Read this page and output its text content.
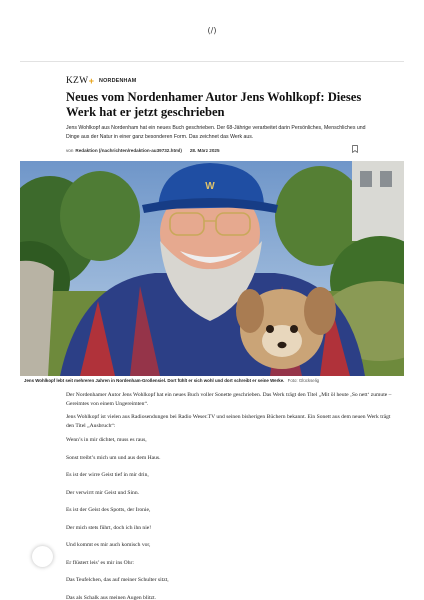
(/)
KZW + NORDENHAM
Neues vom Nordenhamer Autor Jens Wohlkopf: Dieses Werk hat er jetzt geschrieben

Jens Wohlkopf aus Nordenham hat ein neues Buch geschrieben. Der 68-Jährige verarbeitet darin Persönliches, Menschliches und Dinge aus der Natur in einer ganz besonderen Form. Das zeichnet das Werk aus.

von Redaktion (/nachrichten/redaktion-au39732.html) 28. März 2025
W
Jens Wohlkopf lebt seit mehreren Jahren in Nordenham-Großensiel. Dort fühlt er sich wohl und dort schreibt er seine Werke. Foto: Glückselig

Der Nordenhamer Autor Jens Wohlkopf hat ein neues Buch voller Sonette geschrieben. Das Werk trägt den Titel „Mit öl heute ‚So nett‘ zumute – Gereimtes von einem Ungereimten“.

Jens Wohlkopf ist vielen aus Radiosendungen bei Radio Weser.TV und seinen bisherigen Büchern bekannt. Ein Sonett aus dem neuen Werk trägt den Titel „Ausbruch“:

Wenn’s in mir dichtet, muss es raus,
Sonst treibt’s mich um und aus dem Haus.
Es ist der wirre Geist tief in mir drin,
Der verwirrt mir Geist und Sinn.
Es ist der Geist des Spotts, der Ironie,
Der mich stets führt, doch ich ihn nie!
Und kommt es mir auch komisch vor,
Er flüstert leis’ es mir ins Ohr:
Das Teufelchen, das auf meiner Schulter sitzt,
Das als Schalk aus meinen Augen blitzt.
